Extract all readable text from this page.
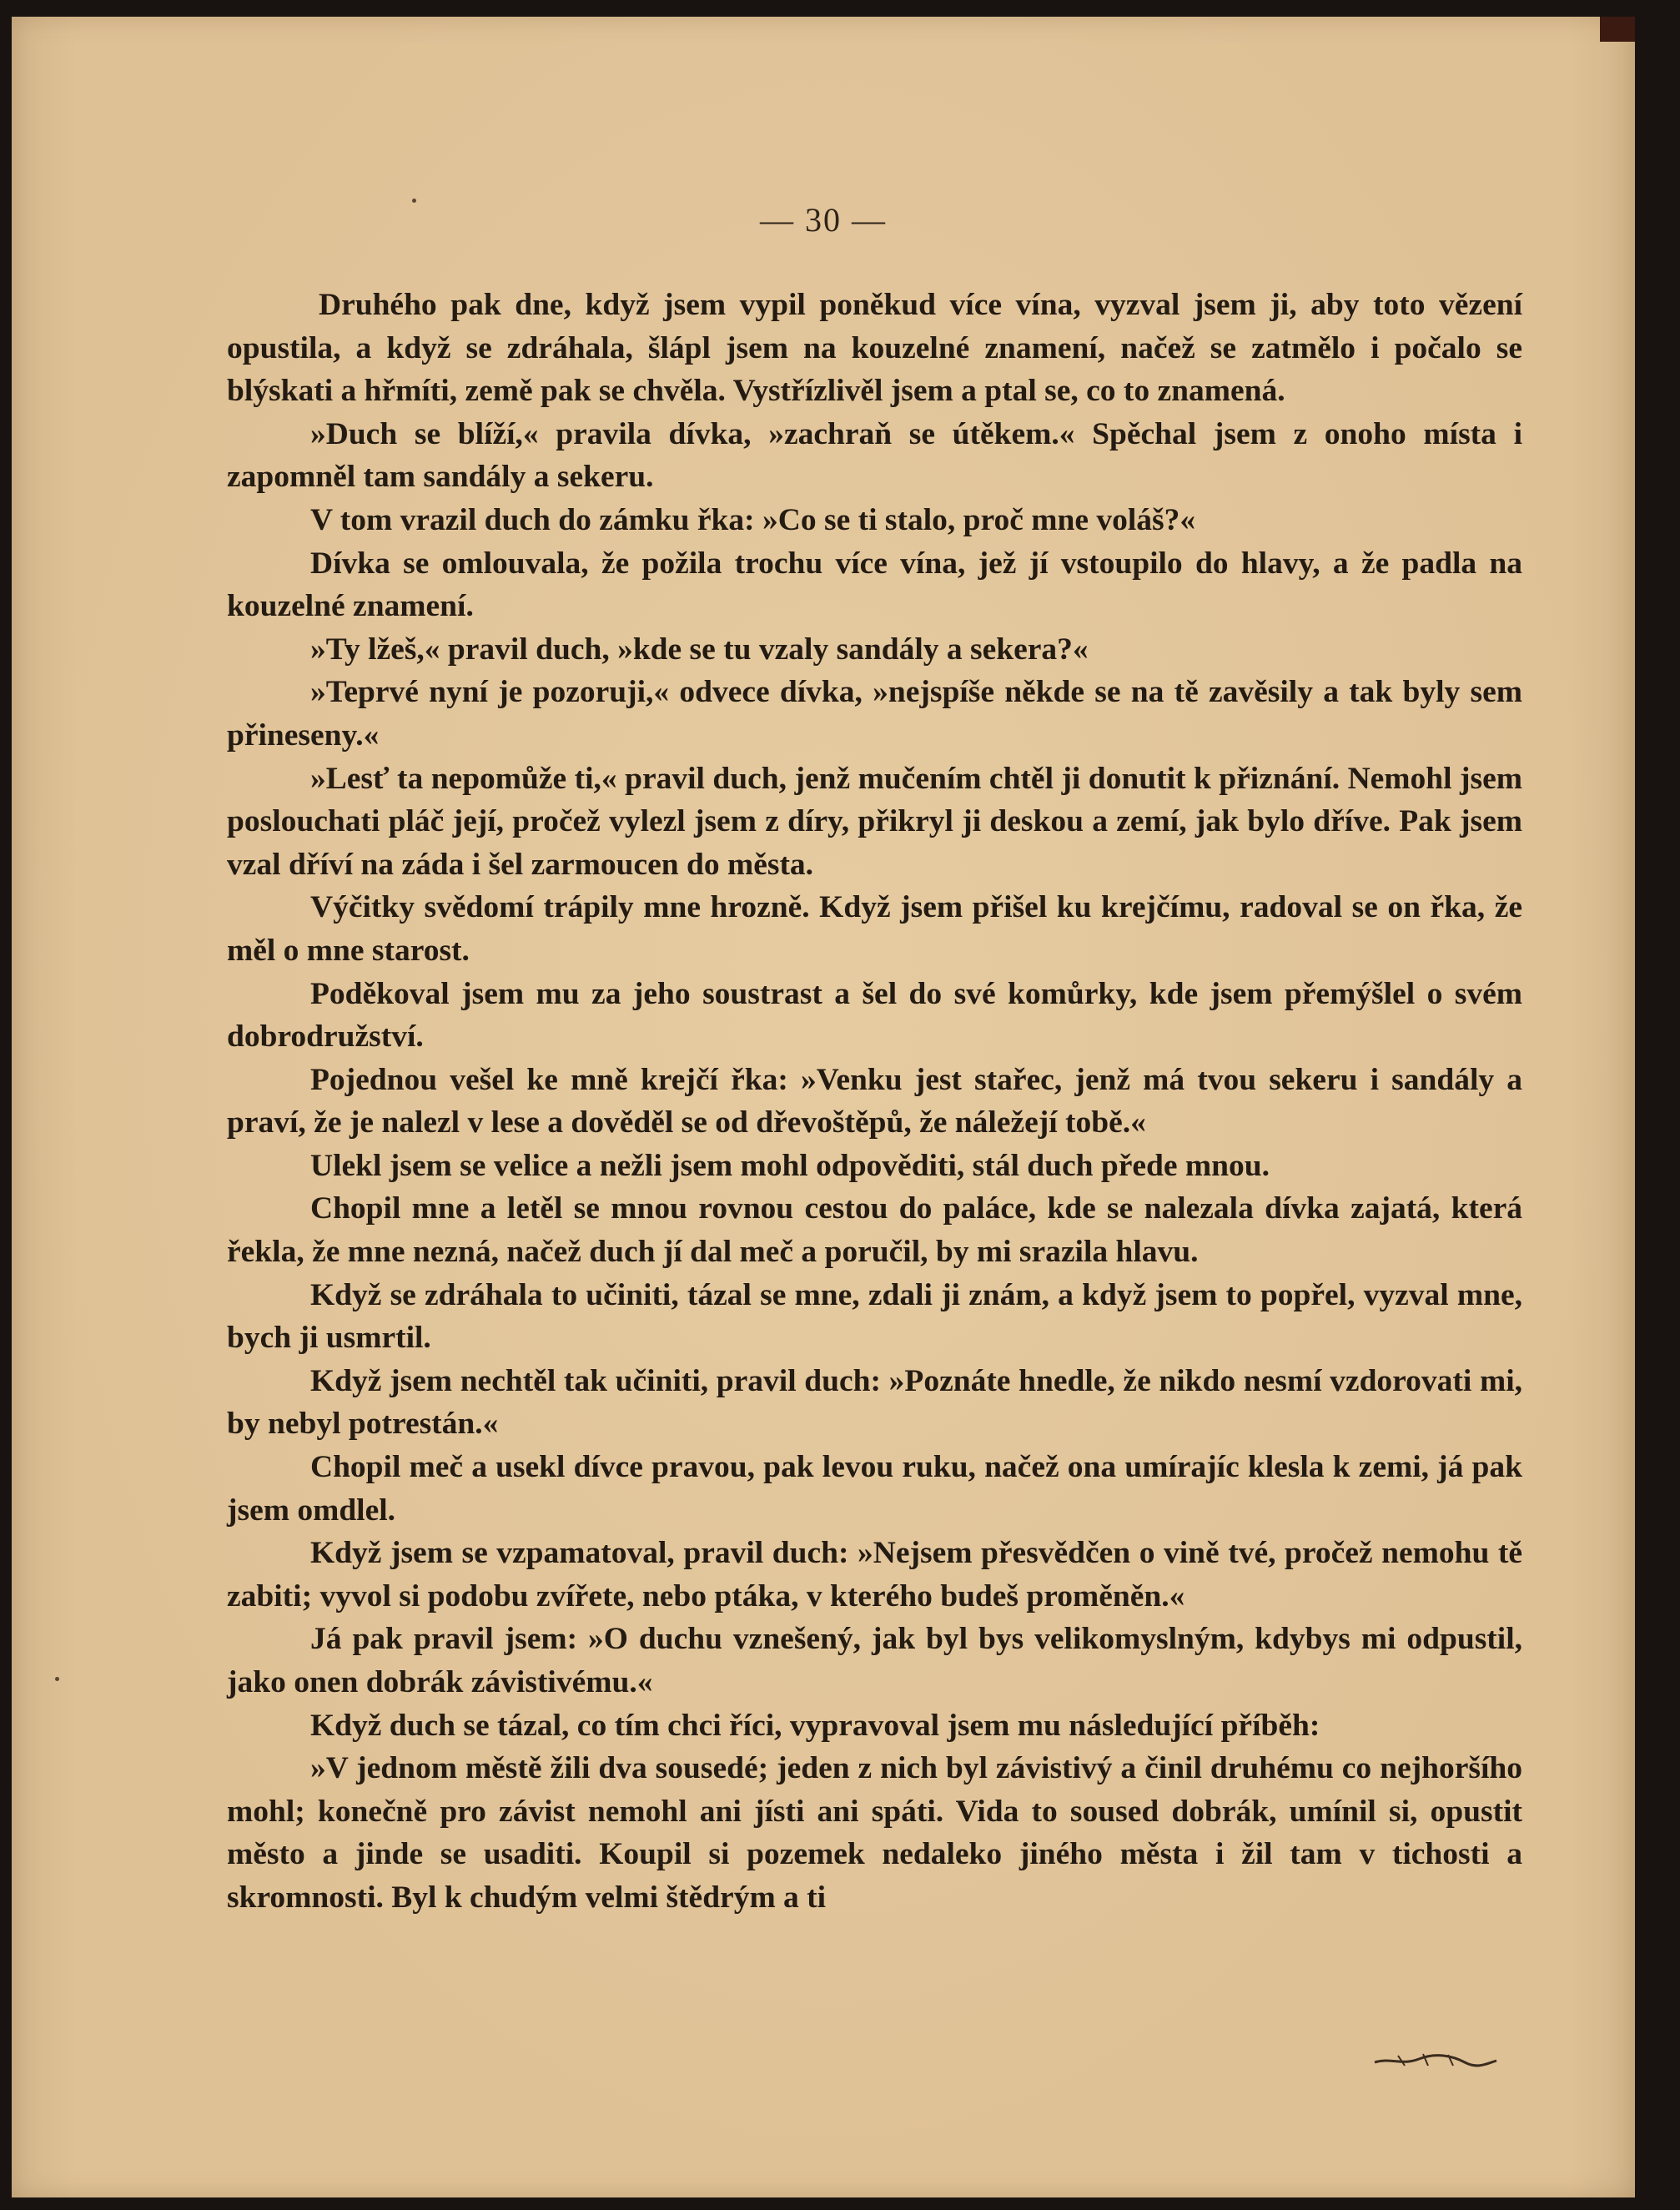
— 30 —

Druhého pak dne, když jsem vypil poněkud více vína, vyzval jsem ji, aby toto vězení opustila, a když se zdráhala, šlápl jsem na kouzelné znamení, načež se zatmělo i počalo se blýskati a hřmíti, země pak se chvěla. Vystřízlivěl jsem a ptal se, co to znamená.

»Duch se blíží,« pravila dívka, »zachraň se útěkem.« Spěchal jsem z onoho místa i zapomněl tam sandály a sekeru.

V tom vrazil duch do zámku řka: »Co se ti stalo, proč mne voláš?«

Dívka se omlouvala, že požila trochu více vína, jež jí vstoupilo do hlavy, a že padla na kouzelné znamení.

»Ty lžeš,« pravil duch, »kde se tu vzaly sandály a sekera?«

»Teprvé nyní je pozoruji,« odvece dívka, »nejspíše někde se na tě zavěsily a tak byly sem přineseny.«

»Lesť ta nepomůže ti,« pravil duch, jenž mučením chtěl ji donutit k přiznání. Nemohl jsem poslouchati pláč její, pročež vylezl jsem z díry, přikryl ji deskou a zemí, jak bylo dříve. Pak jsem vzal dříví na záda i šel zarmoucen do města.

Výčitky svědomí trápily mne hrozně. Když jsem přišel ku krejčímu, radoval se on řka, že měl o mne starost.

Poděkoval jsem mu za jeho soustrast a šel do své komůrky, kde jsem přemýšlel o svém dobrodružství.

Pojednou vešel ke mně krejčí řka: »Venku jest stařec, jenž má tvou sekeru i sandály a praví, že je nalezl v lese a dověděl se od dřevoštěpů, že náležejí tobě.«

Ulekl jsem se velice a nežli jsem mohl odpověditi, stál duch přede mnou.

Chopil mne a letěl se mnou rovnou cestou do paláce, kde se nalezala dívka zajatá, která řekla, že mne nezná, načež duch jí dal meč a poručil, by mi srazila hlavu.

Když se zdráhala to učiniti, tázal se mne, zdali ji znám, a když jsem to popřel, vyzval mne, bych ji usmrtil.

Když jsem nechtěl tak učiniti, pravil duch: »Poznáte hnedle, že nikdo nesmí vzdorovati mi, by nebyl potrestán.«

Chopil meč a usekl dívce pravou, pak levou ruku, načež ona umírajíc klesla k zemi, já pak jsem omdlel.

Když jsem se vzpamatoval, pravil duch: »Nejsem přesvědčen o vině tvé, pročež nemohu tě zabiti; vyvol si podobu zvířete, nebo ptáka, v kterého budeš proměněn.«

Já pak pravil jsem: »O duchu vznešený, jak byl bys velikomyslným, kdybys mi odpustil, jako onen dobrák závistivému.«

Když duch se tázal, co tím chci říci, vypravoval jsem mu následující příběh:

»V jednom městě žili dva sousedé; jeden z nich byl závistivý a činil druhému co nejhoršího mohl; konečně pro závist nemohl ani jísti ani spáti. Vida to soused dobrák, umínil si, opustit město a jinde se usaditi. Koupil si pozemek nedaleko jiného města i žil tam v tichosti a skromnosti. Byl k chudým velmi štědrým a ti
